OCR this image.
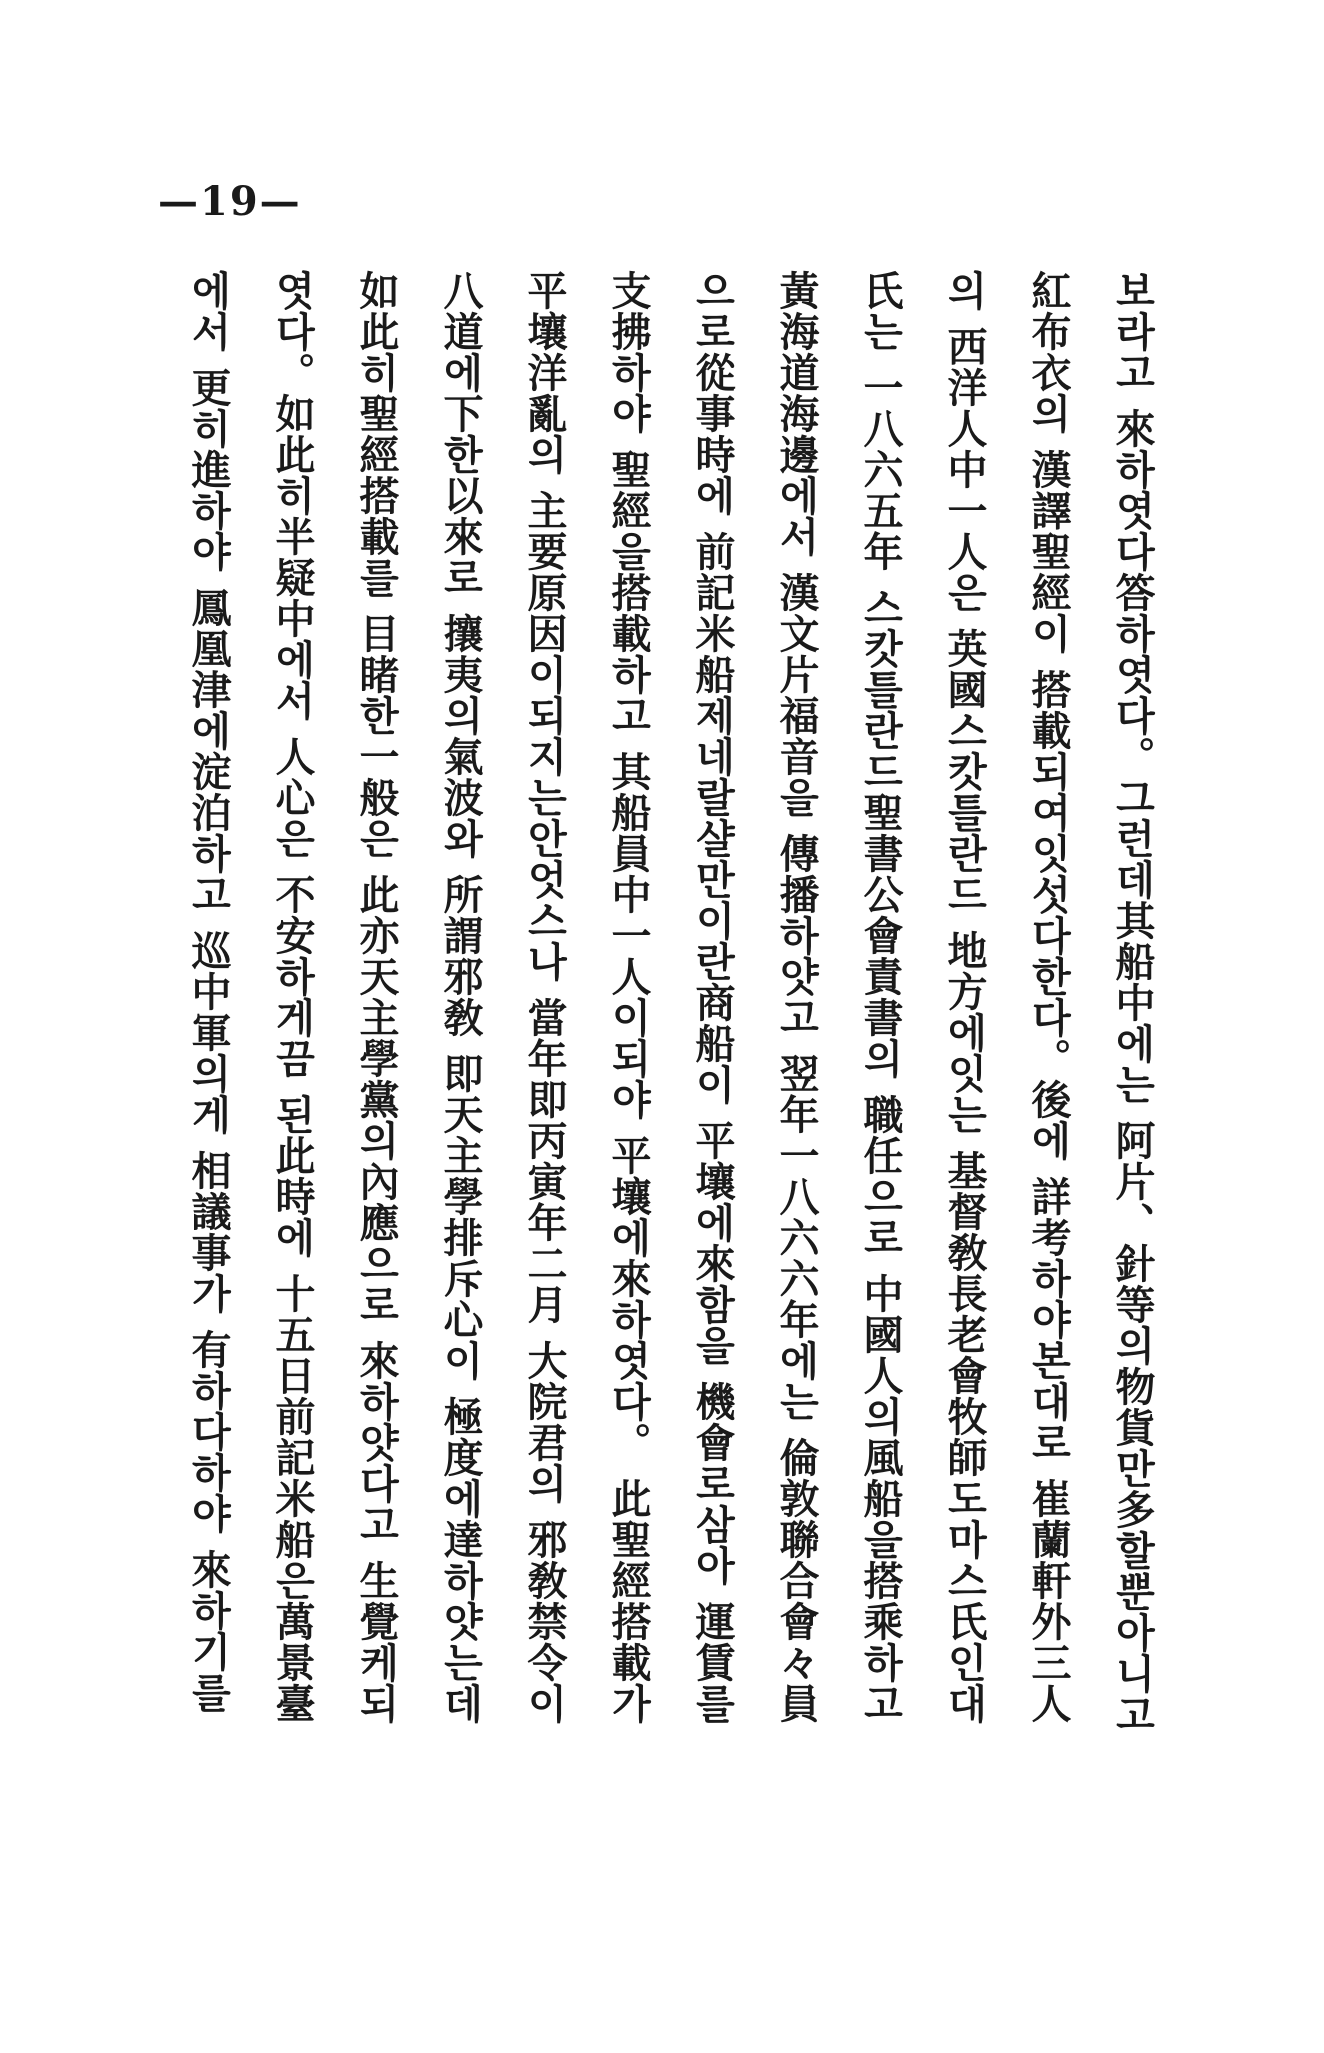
—19—
보라고 來하엿다答하엿다。그런데其船中에는 阿片、針等의物貨만多할뿐아니고
紅布衣의 漢譯聖經이 搭載되여잇섯다한다。後에 詳考하야본대로 崔蘭軒外三人
의 西洋人中一人은 英國스캇틀란드 地方에잇는 基督敎長老會牧師도마스氏인대
氏는 一八六五年 스캇틀란드聖書公會責書의 職任으로 中國人의風船을搭乘하고
黃海道海邊에서 漢文片福音을 傳播하얏고 翌年一八六六年에는 倫敦聯合會々員
으로從事時에 前記米船제네랄샬만이란商船이 平壤에來함을 機會로삼아 運賃를
支拂하야 聖經을搭載하고 其船員中一人이되야 平壤에來하엿다。 此聖經搭載가
平壤洋亂의 主要原因이되지는안엇스나 當年即丙寅年二月 大院君의 邪敎禁令이
八道에下한以來로 攘夷의氣波와 所謂邪敎 即天主學排斥心이 極度에達하얏는데
如此히聖經搭載를 目睹한一般은 此亦天主學黨의內應으로 來하얏다고 生覺케되
엿다。如此히半疑中에서 人心은 不安하게끔 된此時에 十五日前記米船은萬景臺
에서 更히進하야 鳳凰津에淀泊하고 巡中軍의게 相議事가 有하다하야 來하기를
